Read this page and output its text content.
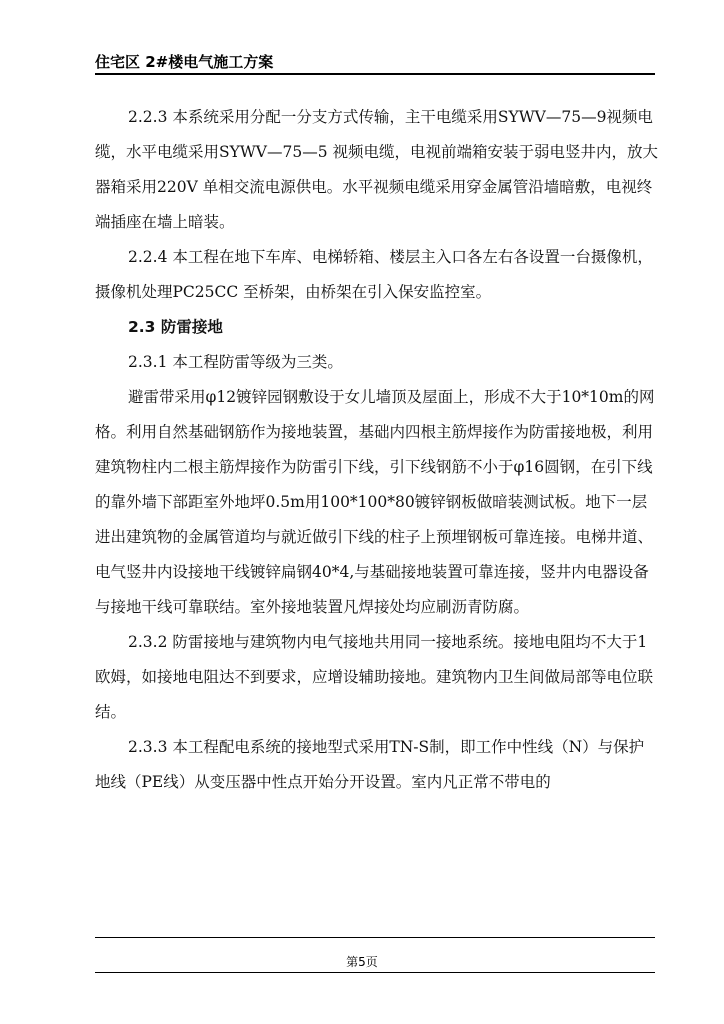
住宅区 2#楼电气施工方案

2.2.3 本系统采用分配一分支方式传输，主干电缆采用SYWV—75—9视频电缆，水平电缆采用SYWV—75—5 视频电缆，电视前端箱安装于弱电竖井内，放大器箱采用220V 单相交流电源供电。水平视频电缆采用穿金属管沿墙暗敷，电视终端插座在墙上暗装。

2.2.4 本工程在地下车库、电梯轿箱、楼层主入口各左右各设置一台摄像机，摄像机处理PC25CC 至桥架，由桥架在引入保安监控室。

2.3 防雷接地

2.3.1 本工程防雷等级为三类。

避雷带采用φ12镀锌园钢敷设于女儿墙顶及屋面上，形成不大于10*10m的网格。利用自然基础钢筋作为接地装置，基础内四根主筋焊接作为防雷接地极，利用建筑物柱内二根主筋焊接作为防雷引下线，引下线钢筋不小于φ16圆钢，在引下线的靠外墙下部距室外地坪0.5m用100*100*80镀锌钢板做暗装测试板。地下一层进出建筑物的金属管道均与就近做引下线的柱子上预埋钢板可靠连接。电梯井道、电气竖井内设接地干线镀锌扁钢40*4,与基础接地装置可靠连接，竖井内电器设备与接地干线可靠联结。室外接地装置凡焊接处均应刷沥青防腐。

2.3.2 防雷接地与建筑物内电气接地共用同一接地系统。接地电阻均不大于1欧姆，如接地电阻达不到要求，应增设辅助接地。建筑物内卫生间做局部等电位联结。

2.3.3 本工程配电系统的接地型式采用TN-S制，即工作中性线（N）与保护地线（PE线）从变压器中性点开始分开设置。室内凡正常不带电的

第5页
